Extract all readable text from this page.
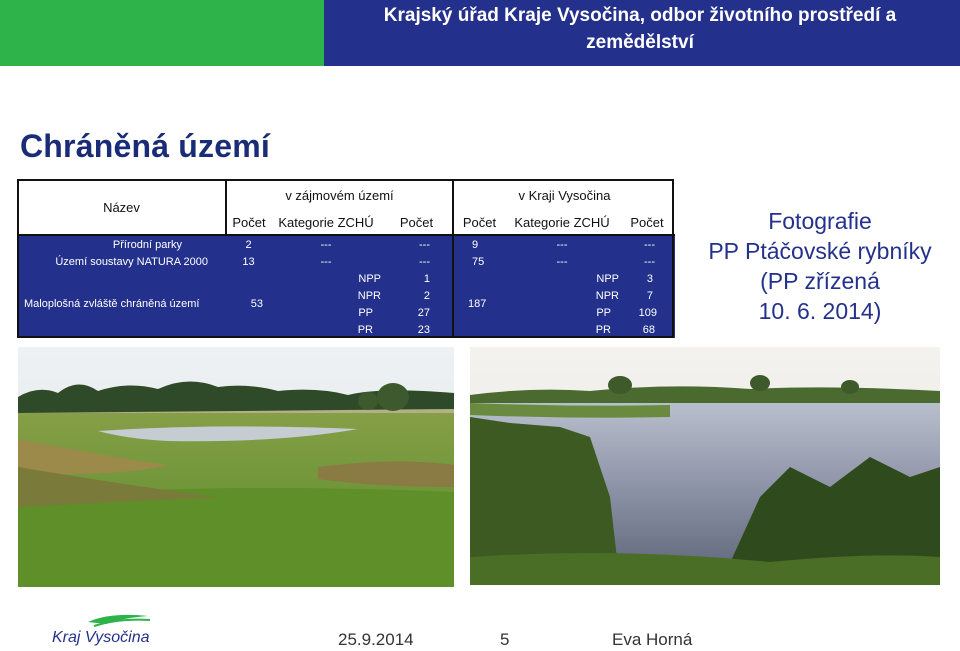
Krajský úřad Kraje Vysočina, odbor životního prostředí a zemědělství
Chráněná území
Název	v zájmovém území			v Kraji Vysočina		
	Počet	Kategorie ZCHÚ	Počet	Počet	Kategorie ZCHÚ	Počet
Přírodní parky	2	---	---	9	---	---
Území soustavy NATURA 2000	13	---	---	75	---	---
Maloplošná zvláště chráněná území	53	NPP	1	187	NPP	3
		NPR	2		NPR	7
		PP	27		PP	109
		PR	23		PR	68
Fotografie
PP Ptáčovské rybníky
(PP zřízená
10. 6. 2014)
Kraj Vysočina	25.9.2014	5	Eva Horná
